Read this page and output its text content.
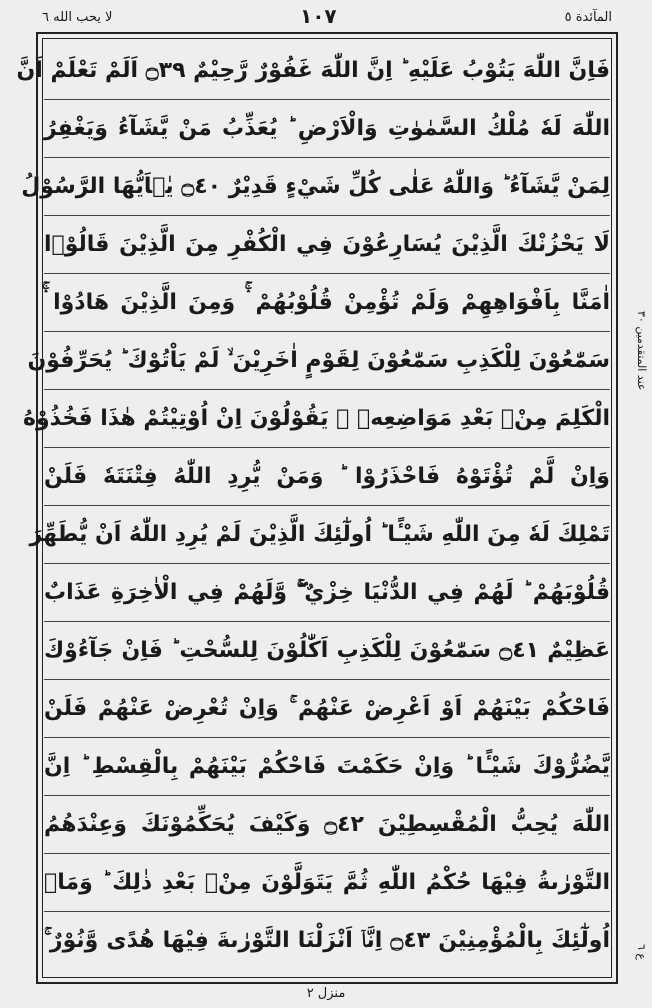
المآئدة ٥
١٠٧
لا يحب الله ٦
فَاِنَّ اللّٰهَ يَتُوْبُ عَلَيْهِ ؕ اِنَّ اللّٰهَ غَفُوْرٌ رَّحِيْمٌ ۝٣٩ اَلَمْ تَعْلَمْ اَنَّ
اللّٰهَ لَهٗ مُلْكُ السَّمٰوٰتِ وَالْاَرْضِ ؕ يُعَذِّبُ مَنْ يَّشَآءُ وَيَغْفِرُ
لِمَنْ يَّشَآءُ ؕ وَاللّٰهُ عَلٰى كُلِّ شَيْءٍ قَدِيْرٌ ۝٤٠ يٰۤاَيُّهَا الرَّسُوْلُ
لَا يَحْزُنْكَ الَّذِيْنَ يُسَارِعُوْنَ فِي الْكُفْرِ مِنَ الَّذِيْنَ قَالُوْۤا
اٰمَنَّا بِاَفْوَاهِهِمْ وَلَمْ تُؤْمِنْ قُلُوْبُهُمْ ۛۚ وَمِنَ الَّذِيْنَ هَادُوْا ۛۚ
سَمّٰعُوْنَ لِلْكَذِبِ سَمّٰعُوْنَ لِقَوْمٍ اٰخَرِيْنَ ۙ لَمْ يَاْتُوْكَ ؕ يُحَرِّفُوْنَ
الْكَلِمَ مِنْۢ بَعْدِ مَوَاضِعِهٖ ۚ يَقُوْلُوْنَ اِنْ اُوْتِيْتُمْ هٰذَا فَخُذُوْهُ
وَاِنْ لَّمْ تُؤْتَوْهُ فَاحْذَرُوْا ؕ وَمَنْ يُّرِدِ اللّٰهُ فِتْنَتَهٗ فَلَنْ
تَمْلِكَ لَهٗ مِنَ اللّٰهِ شَيْـًٔا ؕ اُولٰٓئِكَ الَّذِيْنَ لَمْ يُرِدِ اللّٰهُ اَنْ يُّطَهِّرَ
قُلُوْبَهُمْ ؕ لَهُمْ فِي الدُّنْيَا خِزْيٌ ۖۚ وَّلَهُمْ فِي الْاٰخِرَةِ عَذَابٌ
عَظِيْمٌ ۝٤١ سَمّٰعُوْنَ لِلْكَذِبِ اَكّٰلُوْنَ لِلسُّحْتِ ؕ فَاِنْ جَآءُوْكَ
فَاحْكُمْ بَيْنَهُمْ اَوْ اَعْرِضْ عَنْهُمْ ۚ وَاِنْ تُعْرِضْ عَنْهُمْ فَلَنْ
يَّضُرُّوْكَ شَيْـًٔا ؕ وَاِنْ حَكَمْتَ فَاحْكُمْ بَيْنَهُمْ بِالْقِسْطِ ؕ اِنَّ
اللّٰهَ يُحِبُّ الْمُقْسِطِيْنَ ۝٤٢ وَكَيْفَ يُحَكِّمُوْنَكَ وَعِنْدَهُمُ
التَّوْرٰىةُ فِيْهَا حُكْمُ اللّٰهِ ثُمَّ يَتَوَلَّوْنَ مِنْۢ بَعْدِ ذٰلِكَ ؕ وَمَاۤ
اُولٰٓئِكَ بِالْمُؤْمِنِيْنَ ۝٤٣ اِنَّاۤ اَنْزَلْنَا التَّوْرٰىةَ فِيْهَا هُدًى وَّنُوْرٌ ۚ
عند المتقدمين ٣٠
ع ٦
منزل ٢
